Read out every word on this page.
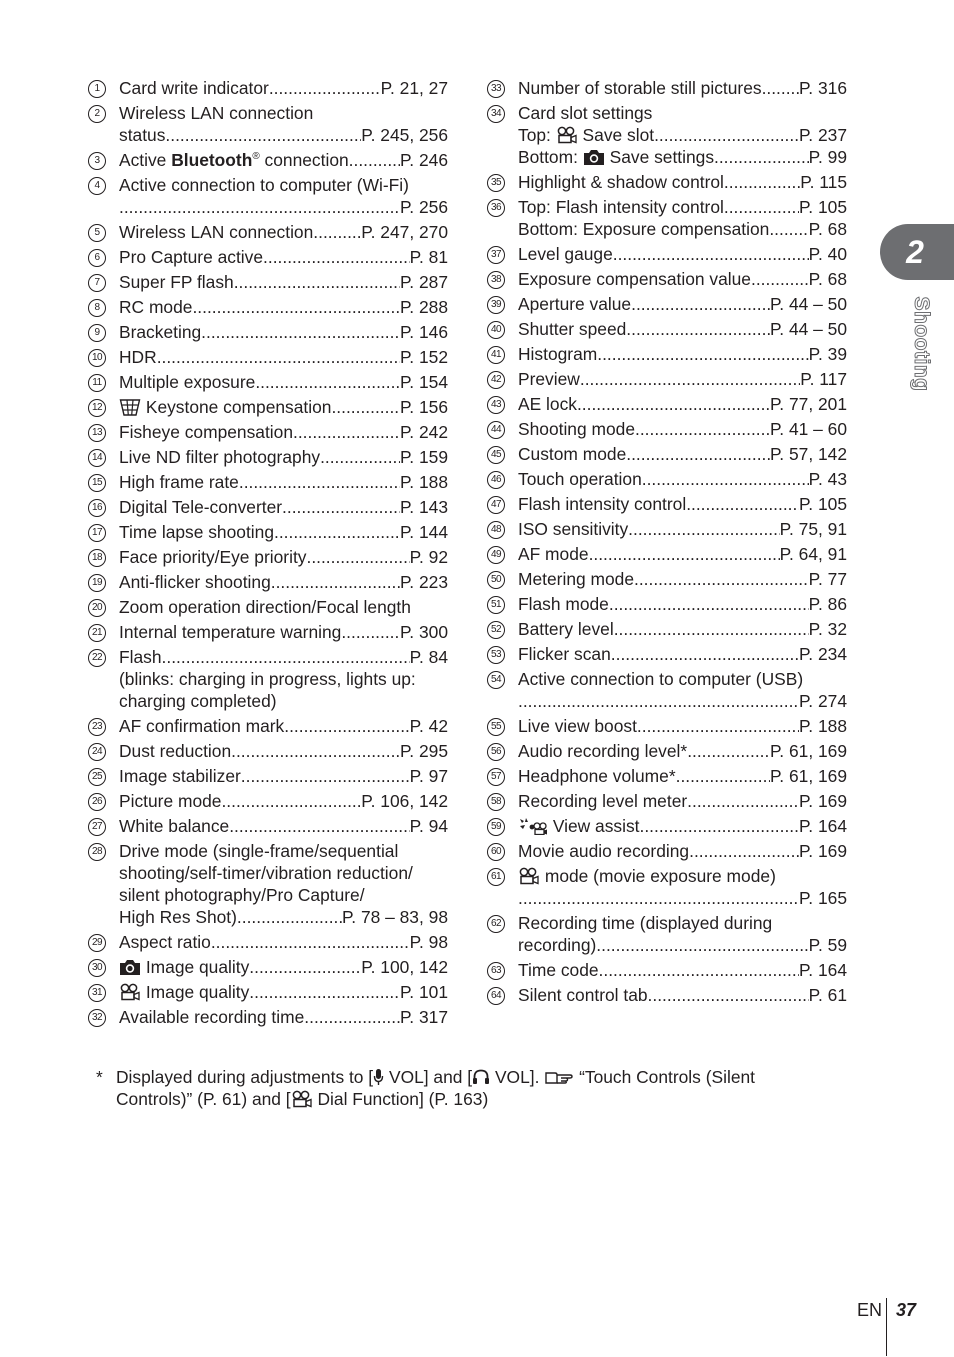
1	Card write indicator .....	P. 21, 27
2	Wireless LAN connection
status .....	P. 245, 256
3	Active Bluetooth® connection .....	P. 246
4	Active connection to computer (Wi-Fi)
.....
P. 256
5	Wireless LAN connection .....	P. 247, 270
6	Pro Capture active .....	P. 81
7	Super FP flash .....	P. 287
8	RC mode .....	P. 288
9	Bracketing .....	P. 146
10 HDR .....	P. 152
11 Multiple exposure .....	P. 154
12	Keystone compensation .....	P. 156
13 Fisheye compensation .....	P. 242
14 Live ND filter photography .....	P. 159
15 High frame rate .....	P. 188
16 Digital Tele-converter .....	P. 143
17 Time lapse shooting .....	P. 144
18 Face priority/Eye priority .....	P. 92
19 Anti-flicker shooting .....	P. 223
20 Zoom operation direction/Focal length
21 Internal temperature warning .....	P. 300
22 Flash .....	P. 84
(blinks: charging in progress, lights up:
charging completed)
23 AF confirmation mark .....	P. 42
24 Dust reduction .....	P. 295
25 Image stabilizer .....	P. 97
26 Picture mode .....	P. 106, 142
27 White balance .....	P. 94
28 Drive mode (single-frame/sequential
shooting/self-timer/vibration reduction/
silent photography/Pro Capture/
High Res Shot) .....	P. 78 – 83, 98
29 Aspect ratio .....	P. 98
30	Image quality .....	P. 100, 142
31	Image quality .....	P. 101
32 Available recording time .....	P. 317
33 Number of storable still pictures ..... P. 316
34 Card slot settings
Top:  Save slot .....	P. 237
Bottom:  Save settings .....	P. 99
35 Highlight & shadow control .....	P. 115
36 Top: Flash intensity control .....	P. 105
Bottom: Exposure compensation ..... P. 68
37 Level gauge .....	P. 40
38 Exposure compensation value .....	P. 68
39 Aperture value .....	P. 44 – 50
40 Shutter speed .....	P. 44 – 50
41 Histogram .....	P. 39
42 Preview .....	P. 117
43 AE lock .....	P. 77, 201
44 Shooting mode .....	P. 41 – 60
45 Custom mode .....	P. 57, 142
46 Touch operation .....	P. 43
47 Flash intensity control .....	P. 105
48 ISO sensitivity .....	P. 75, 91
49 AF mode .....	P. 64, 91
50 Metering mode .....	P. 77
51 Flash mode .....	P. 86
52 Battery level .....	P. 32
53 Flicker scan .....	P. 234
54 Active connection to computer (USB)
.....
P. 274
55 Live view boost .....	P. 188
56 Audio recording level* .....	P. 61, 169
57 Headphone volume* .....	P. 61, 169
58 Recording level meter .....	P. 169
59	View assist .....	P. 164
60 Movie audio recording .....	P. 169
61	mode (movie exposure mode)
.....
P. 165
62 Recording time (displayed during
recording) .....	P. 59
63 Time code .....	P. 164
64 Silent control tab .....	P. 61
* Displayed during adjustments to [ VOL] and [ VOL].  “Touch Controls (Silent
Controls)” (P. 61) and [ Dial Function] (P. 163)
2
Shooting
EN 37
